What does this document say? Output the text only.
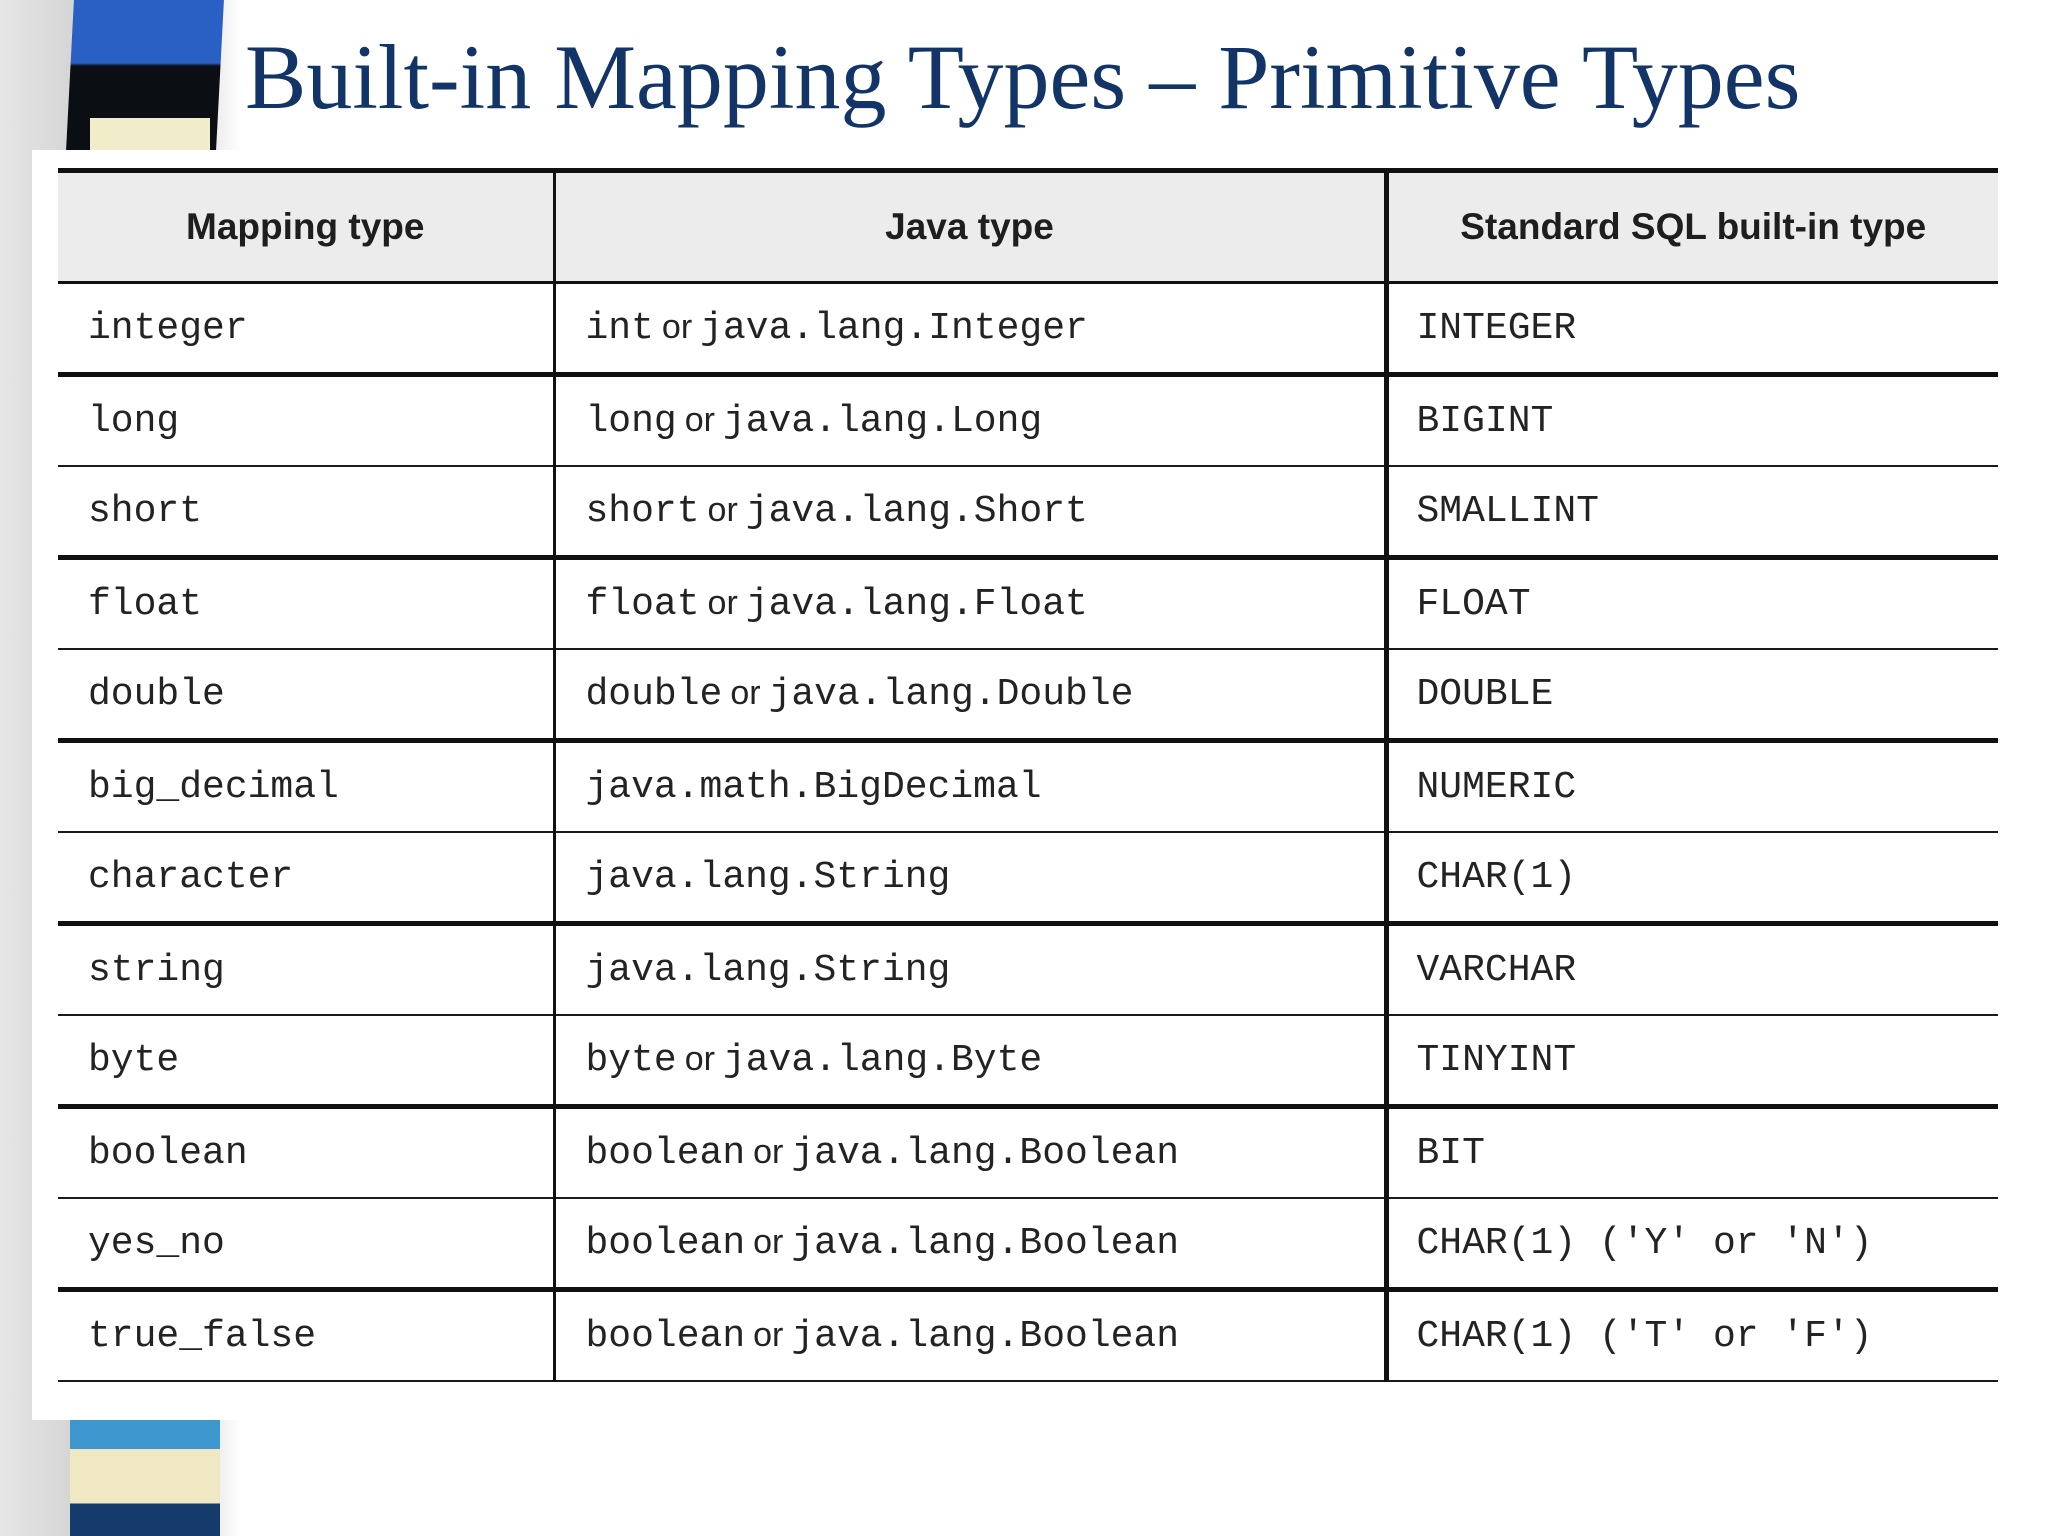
Built-in Mapping Types – Primitive Types
Mapping type	Java type	Standard SQL built-in type
integer	int or java.lang.Integer	INTEGER
long	long or java.lang.Long	BIGINT
short	short or java.lang.Short	SMALLINT
float	float or java.lang.Float	FLOAT
double	double or java.lang.Double	DOUBLE
big_decimal	java.math.BigDecimal	NUMERIC
character	java.lang.String	CHAR(1)
string	java.lang.String	VARCHAR
byte	byte or java.lang.Byte	TINYINT
boolean	boolean or java.lang.Boolean	BIT
yes_no	boolean or java.lang.Boolean	CHAR(1) ('Y' or 'N')
true_false	boolean or java.lang.Boolean	CHAR(1) ('T' or 'F')
